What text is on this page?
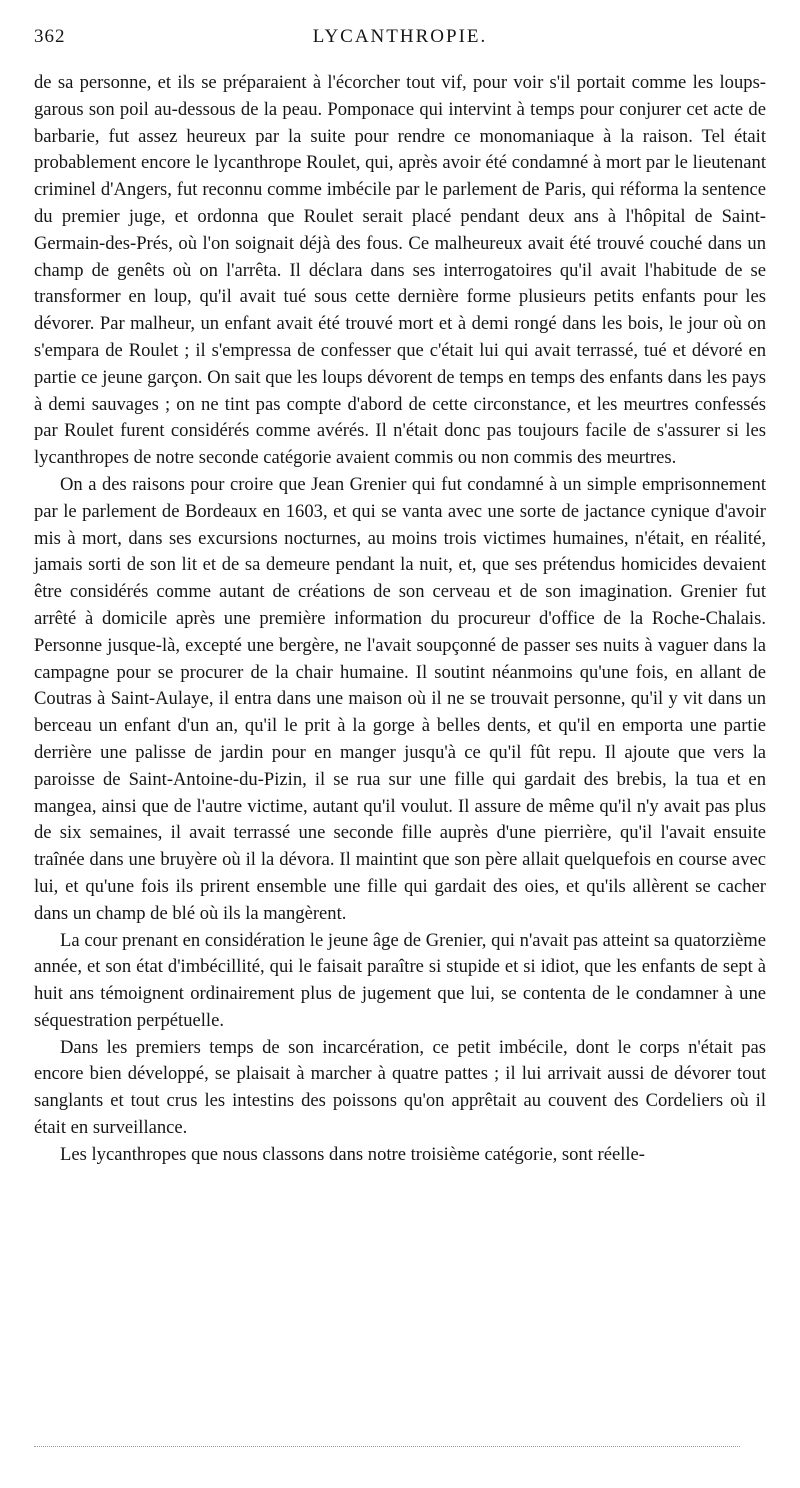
362	LYCANTHROPIE.

de sa personne, et ils se préparaient à l'écorcher tout vif, pour voir s'il portait comme les loups-garous son poil au-dessous de la peau. Pomponace qui intervint à temps pour conjurer cet acte de barbarie, fut assez heureux par la suite pour rendre ce monomaniaque à la raison. Tel était probablement encore le lycanthrope Roulet, qui, après avoir été condamné à mort par le lieutenant criminel d'Angers, fut reconnu comme imbécile par le parlement de Paris, qui réforma la sentence du premier juge, et ordonna que Roulet serait placé pendant deux ans à l'hôpital de Saint-Germain-des-Prés, où l'on soignait déjà des fous. Ce malheureux avait été trouvé couché dans un champ de genêts où on l'arrêta. Il déclara dans ses interrogatoires qu'il avait l'habitude de se transformer en loup, qu'il avait tué sous cette dernière forme plusieurs petits enfants pour les dévorer. Par malheur, un enfant avait été trouvé mort et à demi rongé dans les bois, le jour où on s'empara de Roulet ; il s'empressa de confesser que c'était lui qui avait terrassé, tué et dévoré en partie ce jeune garçon. On sait que les loups dévorent de temps en temps des enfants dans les pays à demi sauvages ; on ne tint pas compte d'abord de cette circonstance, et les meurtres confessés par Roulet furent considérés comme avérés. Il n'était donc pas toujours facile de s'assurer si les lycanthropes de notre seconde catégorie avaient commis ou non commis des meurtres.

On a des raisons pour croire que Jean Grenier qui fut condamné à un simple emprisonnement par le parlement de Bordeaux en 1603, et qui se vanta avec une sorte de jactance cynique d'avoir mis à mort, dans ses excursions nocturnes, au moins trois victimes humaines, n'était, en réalité, jamais sorti de son lit et de sa demeure pendant la nuit, et, que ses prétendus homicides devaient être considérés comme autant de créations de son cerveau et de son imagination. Grenier fut arrêté à domicile après une première information du procureur d'office de la Roche-Chalais. Personne jusque-là, excepté une bergère, ne l'avait soupçonné de passer ses nuits à vaguer dans la campagne pour se procurer de la chair humaine. Il soutint néanmoins qu'une fois, en allant de Coutras à Saint-Aulaye, il entra dans une maison où il ne se trouvait personne, qu'il y vit dans un berceau un enfant d'un an, qu'il le prit à la gorge à belles dents, et qu'il en emporta une partie derrière une palisse de jardin pour en manger jusqu'à ce qu'il fût repu. Il ajoute que vers la paroisse de Saint-Antoine-du-Pizin, il se rua sur une fille qui gardait des brebis, la tua et en mangea, ainsi que de l'autre victime, autant qu'il voulut. Il assure de même qu'il n'y avait pas plus de six semaines, il avait terrassé une seconde fille auprès d'une pierrière, qu'il l'avait ensuite traînée dans une bruyère où il la dévora. Il maintint que son père allait quelquefois en course avec lui, et qu'une fois ils prirent ensemble une fille qui gardait des oies, et qu'ils allèrent se cacher dans un champ de blé où ils la mangèrent.

La cour prenant en considération le jeune âge de Grenier, qui n'avait pas atteint sa quatorzième année, et son état d'imbécillité, qui le faisait paraître si stupide et si idiot, que les enfants de sept à huit ans témoignent ordinairement plus de jugement que lui, se contenta de le condamner à une séquestration perpétuelle.

Dans les premiers temps de son incarcération, ce petit imbécile, dont le corps n'était pas encore bien développé, se plaisait à marcher à quatre pattes ; il lui arrivait aussi de dévorer tout sanglants et tout crus les intestins des poissons qu'on apprêtait au couvent des Cordeliers où il était en surveillance.

Les lycanthropes que nous classons dans notre troisième catégorie, sont réelle-
